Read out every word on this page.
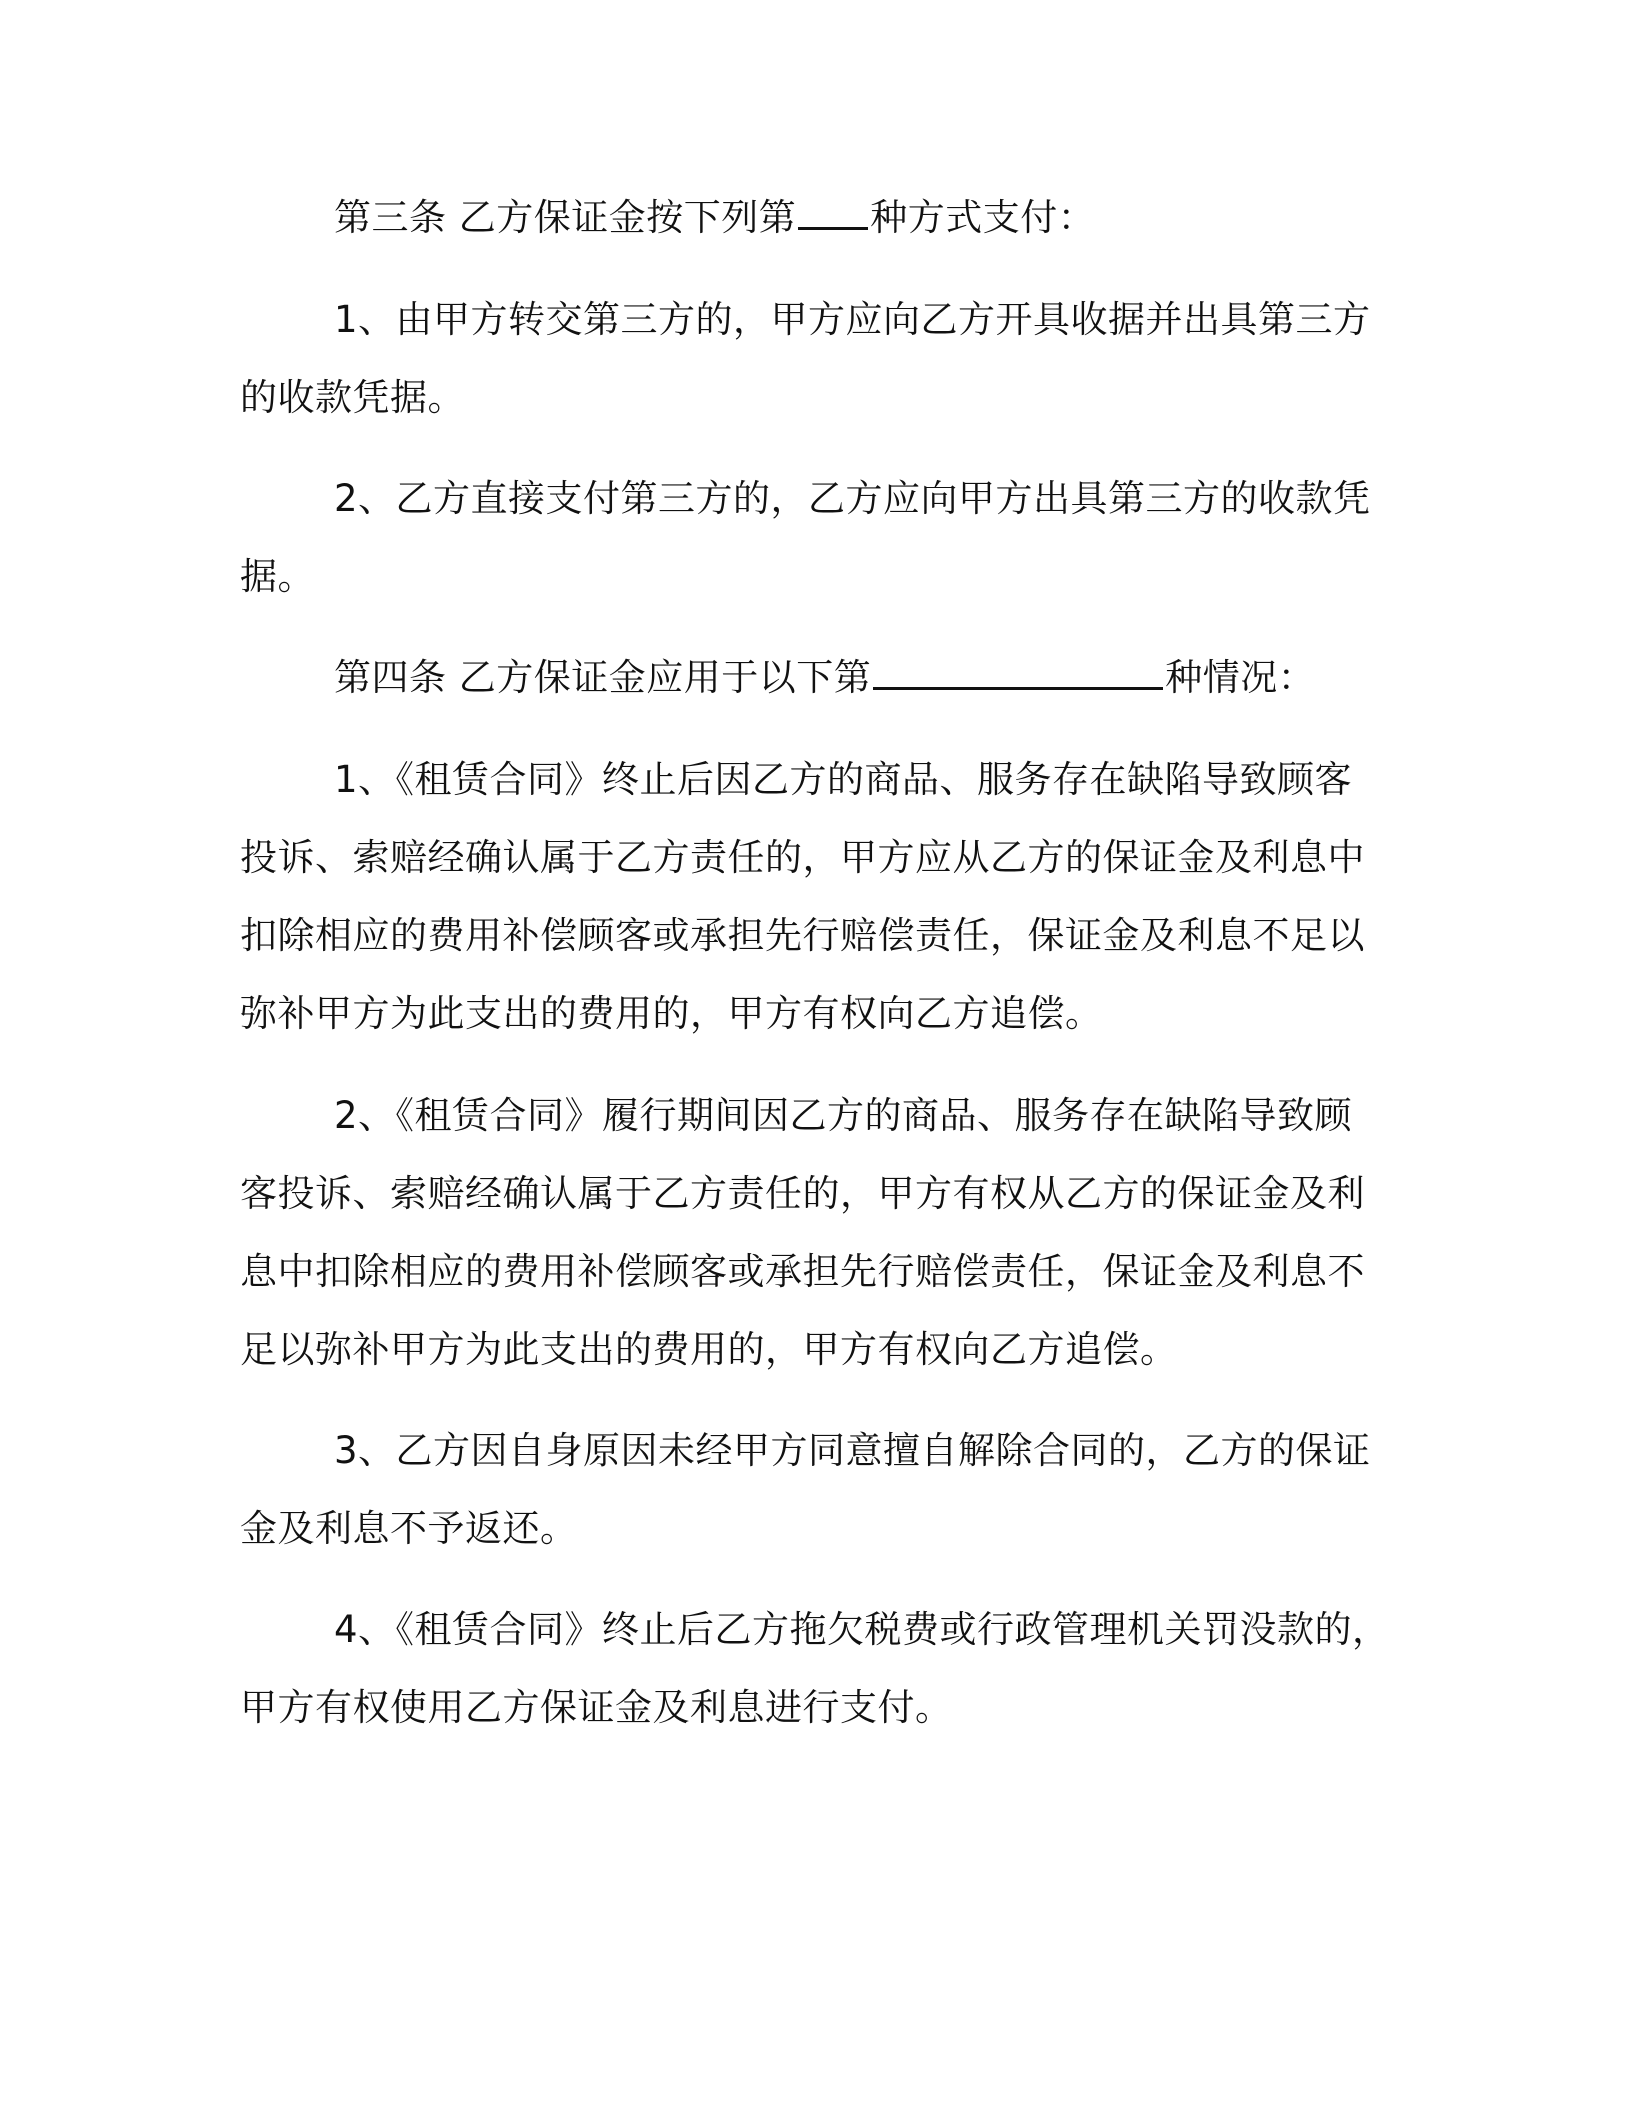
第三条 乙方保证金按下列第 种方式支付：
1、由甲方转交第三方的，甲方应向乙方开具收据并出具第三方
的收款凭据。
2、乙方直接支付第三方的，乙方应向甲方出具第三方的收款凭
据。
第四条 乙方保证金应用于以下第	种情况：
1、《租赁合同》终止后因乙方的商品、服务存在缺陷导致顾客
投诉、索赔经确认属于乙方责任的，甲方应从乙方的保证金及利息中
扣除相应的费用补偿顾客或承担先行赔偿责任，保证金及利息不足以
弥补甲方为此支出的费用的，甲方有权向乙方追偿。
2、《租赁合同》履行期间因乙方的商品、服务存在缺陷导致顾
客投诉、索赔经确认属于乙方责任的，甲方有权从乙方的保证金及利
息中扣除相应的费用补偿顾客或承担先行赔偿责任，保证金及利息不
足以弥补甲方为此支出的费用的，甲方有权向乙方追偿。
3、乙方因自身原因未经甲方同意擅自解除合同的，乙方的保证
金及利息不予返还。
4、《租赁合同》终止后乙方拖欠税费或行政管理机关罚没款的，
甲方有权使用乙方保证金及利息进行支付。
